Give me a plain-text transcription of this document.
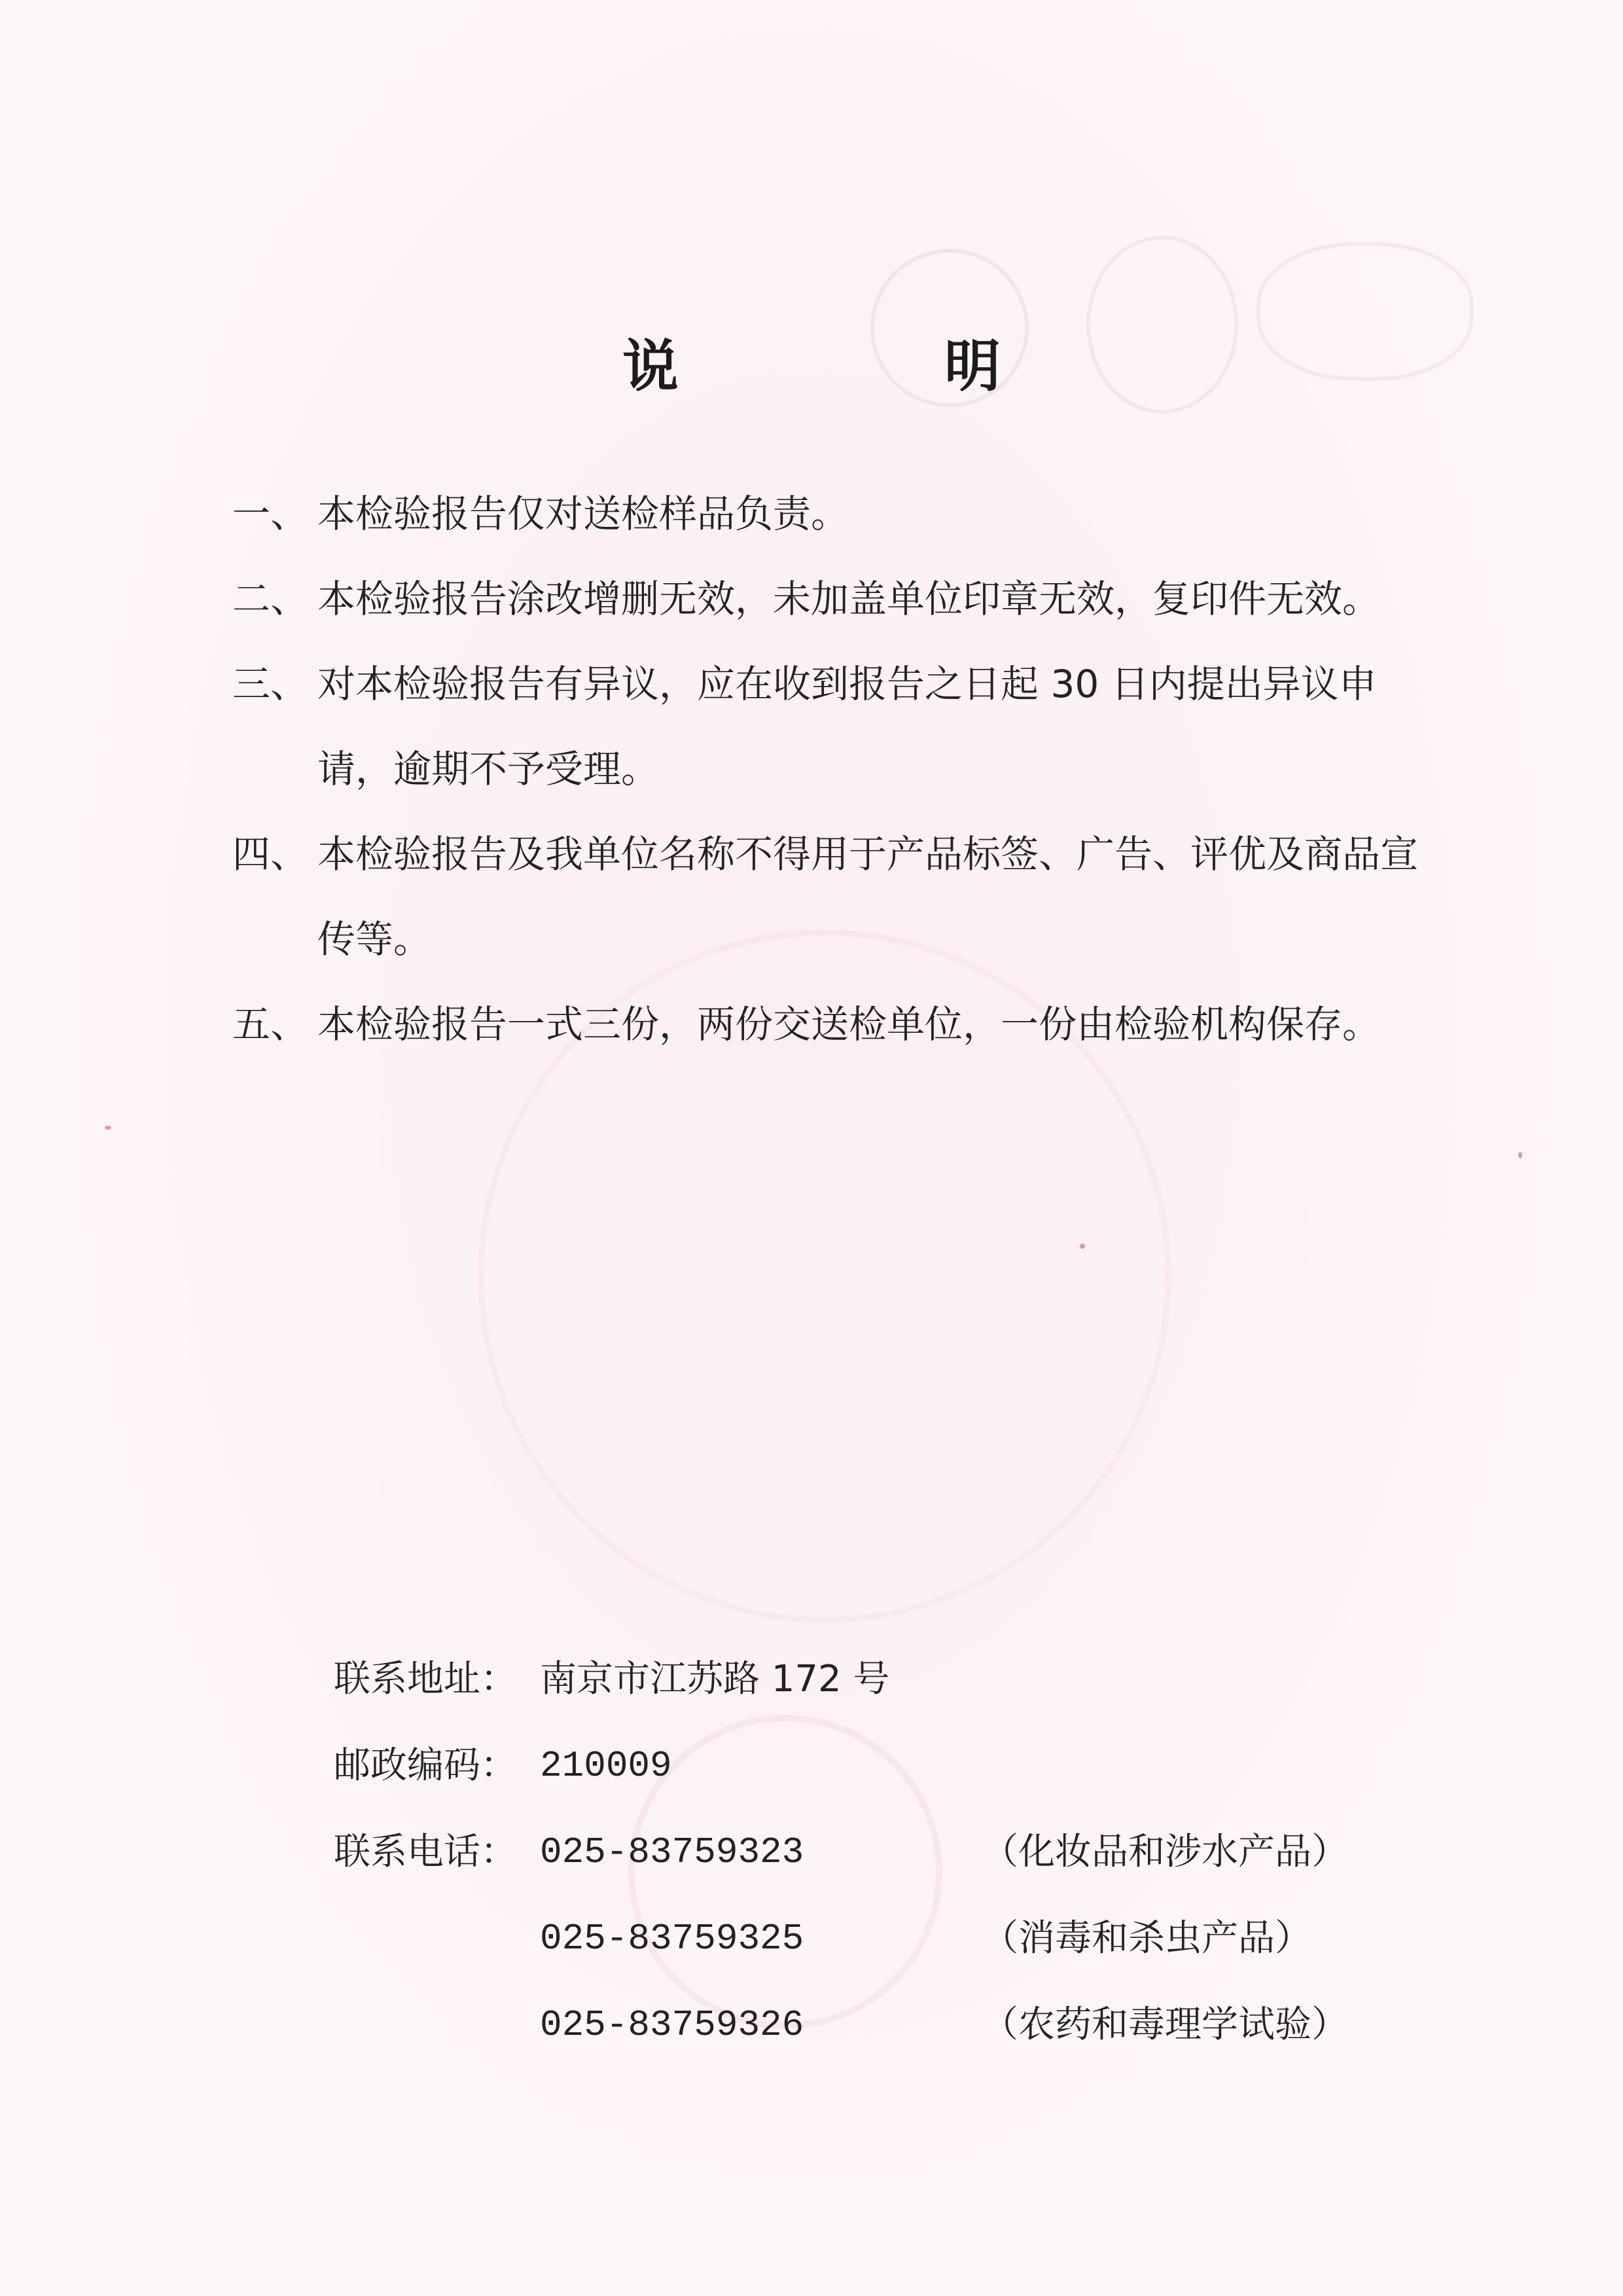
说　明
一、 本检验报告仅对送检样品负责。
二、 本检验报告涂改增删无效，未加盖单位印章无效，复印件无效。
三、 对本检验报告有异议，应在收到报告之日起 30 日内提出异议申请，逾期不予受理。
四、 本检验报告及我单位名称不得用于产品标签、广告、评优及商品宣传等。
五、 本检验报告一式三份，两份交送检单位，一份由检验机构保存。
联系地址： 南京市江苏路 172 号
邮政编码： 210009
联系电话： 025-83759323	（化妆品和涉水产品）
025-83759325	（消毒和杀虫产品）
025-83759326	（农药和毒理学试验）
